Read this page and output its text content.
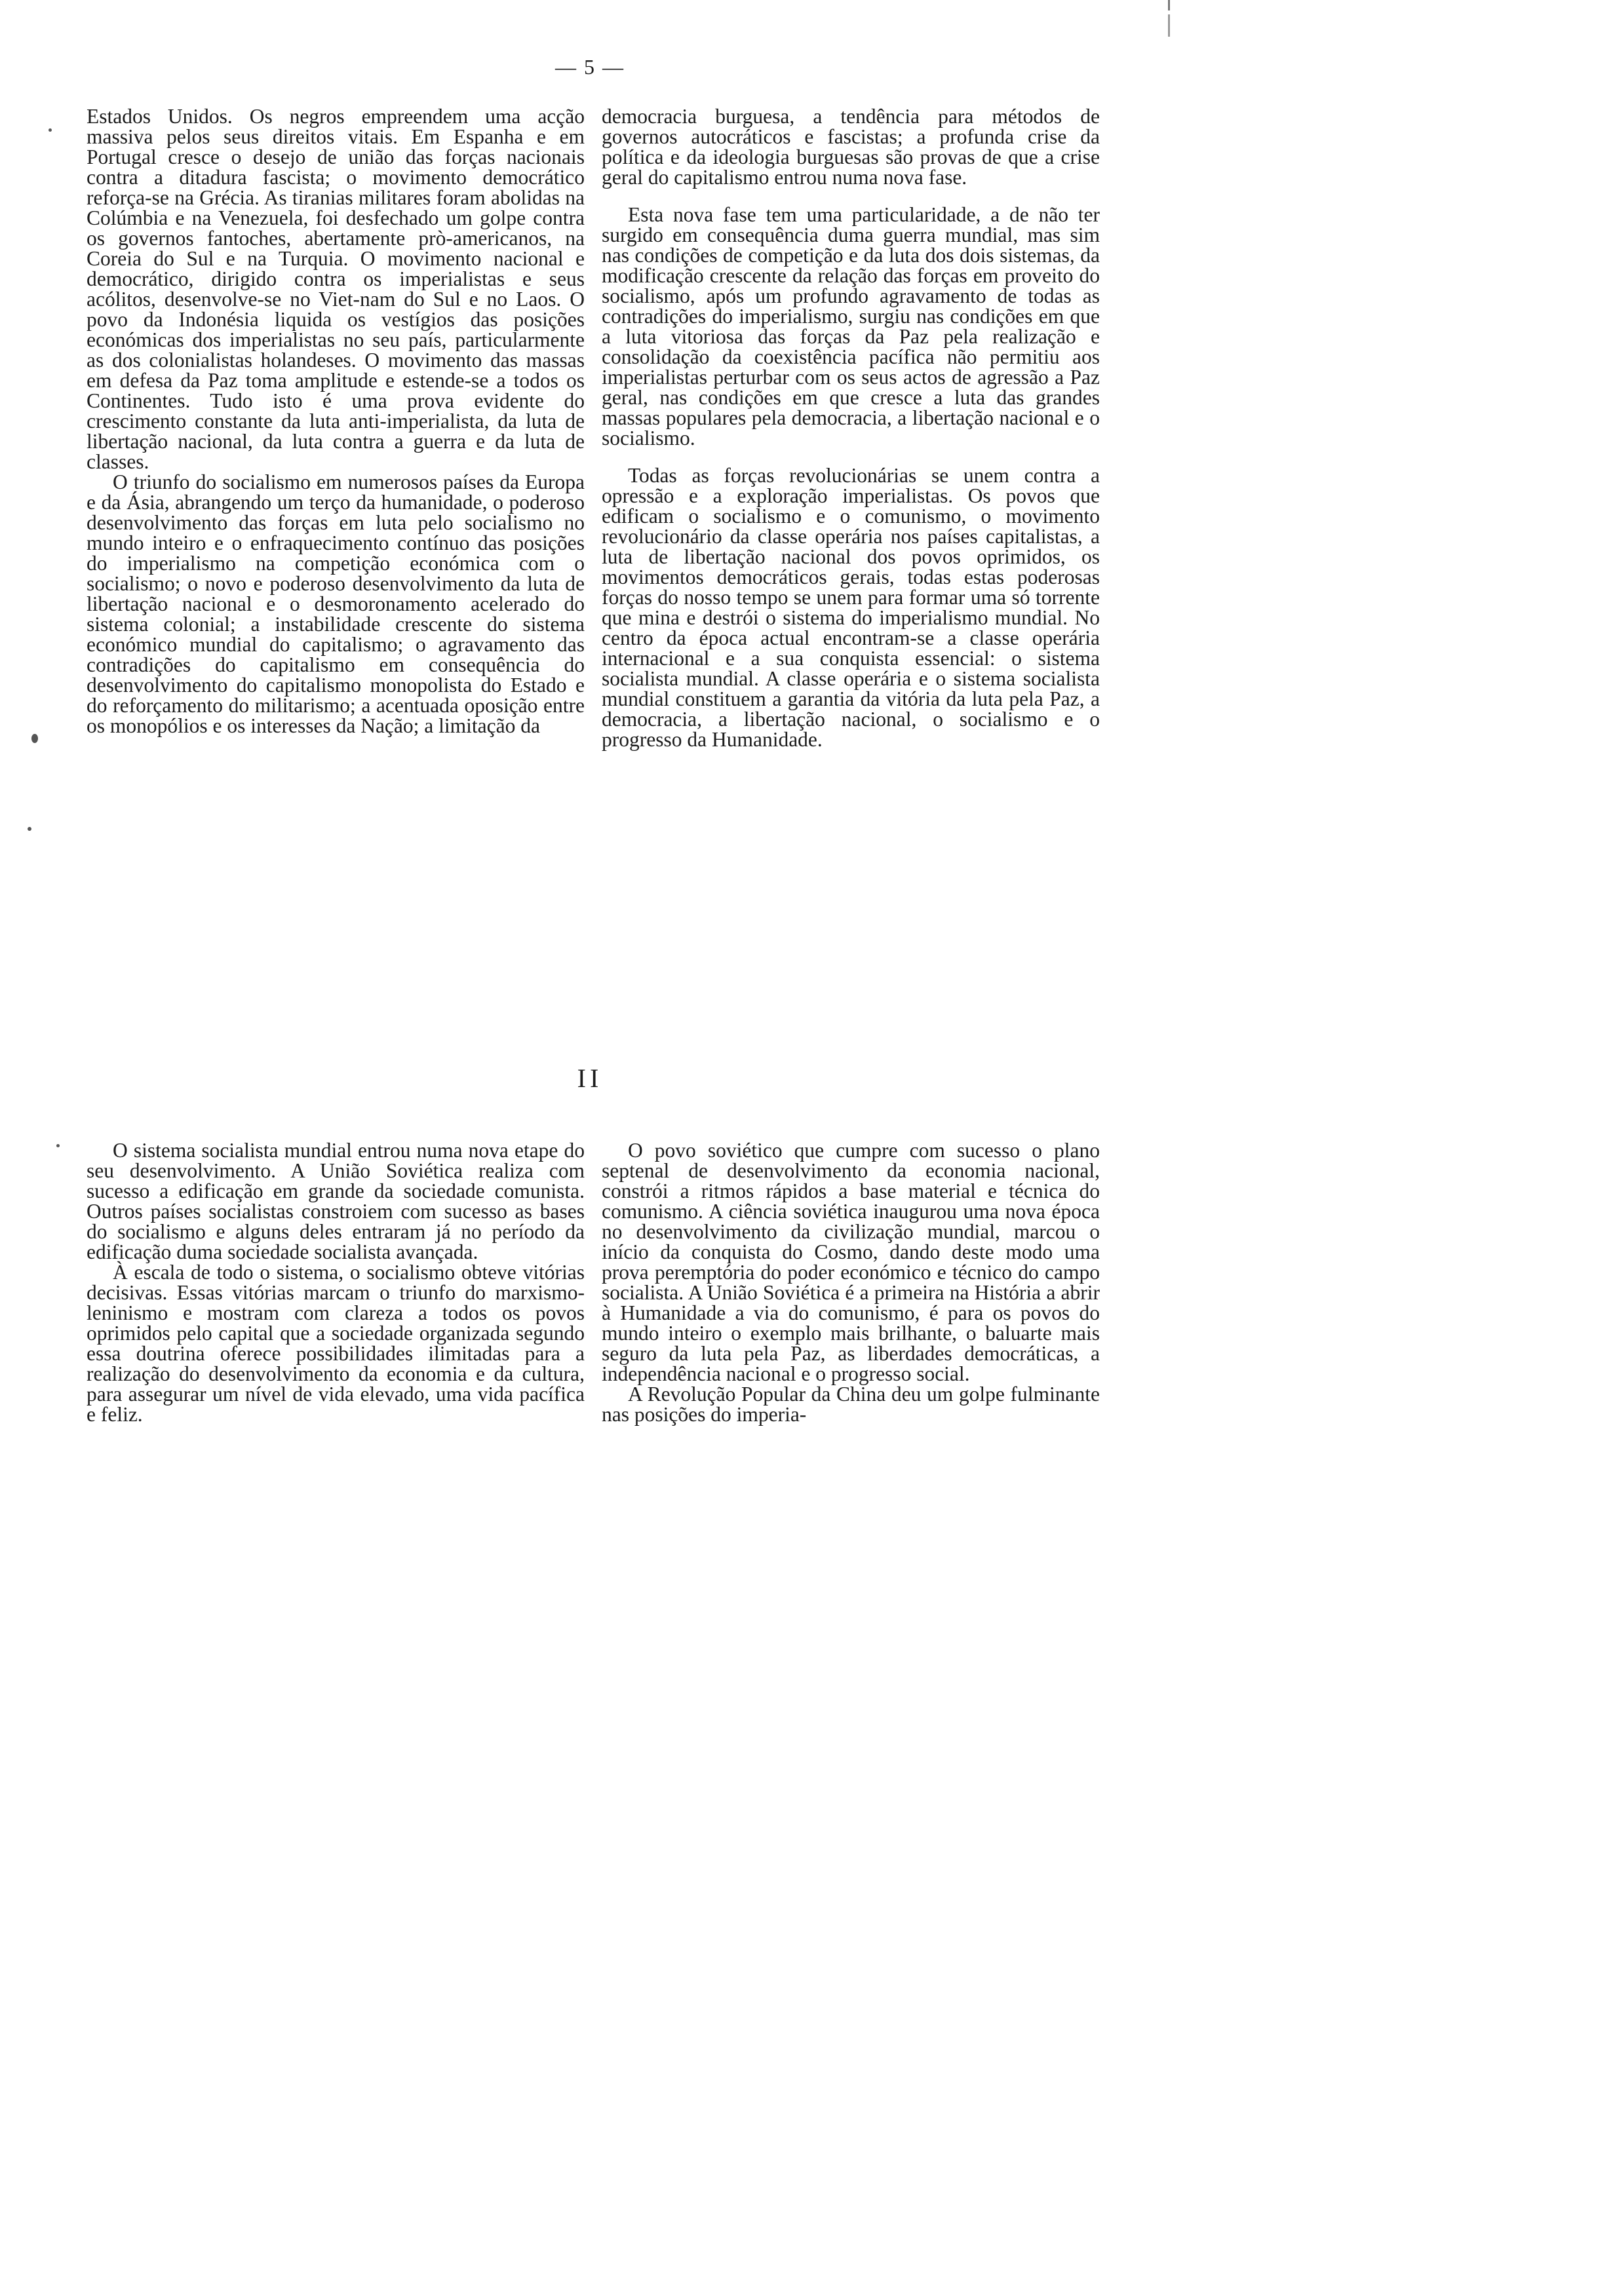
— 5 —

Estados Unidos. Os negros empreendem uma acção massiva pelos seus direitos vitais. Em Espanha e em Portugal cresce o desejo de união das forças nacionais contra a ditadura fascista; o movimento democrático reforça-se na Grécia. As tiranias militares foram abolidas na Colúmbia e na Venezuela, foi desfechado um golpe contra os governos fantoches, abertamente prò-americanos, na Coreia do Sul e na Turquia. O movimento nacional e democrático, dirigido contra os imperialistas e seus acólitos, desenvolve-se no Viet-nam do Sul e no Laos. O povo da Indonésia liquida os vestígios das posições económicas dos imperialistas no seu país, particularmente as dos colonialistas holandeses. O movimento das massas em defesa da Paz toma amplitude e estende-se a todos os Continentes. Tudo isto é uma prova evidente do crescimento constante da luta anti-imperialista, da luta de libertação nacional, da luta contra a guerra e da luta de classes.

O triunfo do socialismo em numerosos países da Europa e da Ásia, abrangendo um terço da humanidade, o poderoso desenvolvimento das forças em luta pelo socialismo no mundo inteiro e o enfraquecimento contínuo das posições do imperialismo na competição económica com o socialismo; o novo e poderoso desenvolvimento da luta de libertação nacional e o desmoronamento acelerado do sistema colonial; a instabilidade crescente do sistema económico mundial do capitalismo; o agravamento das contradições do capitalismo em consequência do desenvolvimento do capitalismo monopolista do Estado e do reforçamento do militarismo; a acentuada oposição entre os monopólios e os interesses da Nação; a limitação da

democracia burguesa, a tendência para métodos de governos autocráticos e fascistas; a profunda crise da política e da ideologia burguesas são provas de que a crise geral do capitalismo entrou numa nova fase.

Esta nova fase tem uma particularidade, a de não ter surgido em consequência duma guerra mundial, mas sim nas condições de competição e da luta dos dois sistemas, da modificação crescente da relação das forças em proveito do socialismo, após um profundo agravamento de todas as contradições do imperialismo, surgiu nas condições em que a luta vitoriosa das forças da Paz pela realização e consolidação da coexistência pacífica não permitiu aos imperialistas perturbar com os seus actos de agressão a Paz geral, nas condições em que cresce a luta das grandes massas populares pela democracia, a libertação nacional e o socialismo.

Todas as forças revolucionárias se unem contra a opressão e a exploração imperialistas. Os povos que edificam o socialismo e o comunismo, o movimento revolucionário da classe operária nos países capitalistas, a luta de libertação nacional dos povos oprimidos, os movimentos democráticos gerais, todas estas poderosas forças do nosso tempo se unem para formar uma só torrente que mina e destrói o sistema do imperialismo mundial. No centro da época actual encontram-se a classe operária internacional e a sua conquista essencial: o sistema socialista mundial. A classe operária e o sistema socialista mundial constituem a garantia da vitória da luta pela Paz, a democracia, a libertação nacional, o socialismo e o progresso da Humanidade.

II

O sistema socialista mundial entrou numa nova etape do seu desenvolvimento. A União Soviética realiza com sucesso a edificação em grande da sociedade comunista. Outros países socialistas constroiem com sucesso as bases do socialismo e alguns deles entraram já no período da edificação duma sociedade socialista avançada.

À escala de todo o sistema, o socialismo obteve vitórias decisivas. Essas vitórias marcam o triunfo do marxismo-leninismo e mostram com clareza a todos os povos oprimidos pelo capital que a sociedade organizada segundo essa doutrina oferece possibilidades ilimitadas para a realização do desenvolvimento da economia e da cultura, para assegurar um nível de vida elevado, uma vida pacífica e feliz.

O povo soviético que cumpre com sucesso o plano septenal de desenvolvimento da economia nacional, constrói a ritmos rápidos a base material e técnica do comunismo. A ciência soviética inaugurou uma nova época no desenvolvimento da civilização mundial, marcou o início da conquista do Cosmo, dando deste modo uma prova peremptória do poder económico e técnico do campo socialista. A União Soviética é a primeira na História a abrir à Humanidade a via do comunismo, é para os povos do mundo inteiro o exemplo mais brilhante, o baluarte mais seguro da luta pela Paz, as liberdades democráticas, a independência nacional e o progresso social.

A Revolução Popular da China deu um golpe fulminante nas posições do imperia-
